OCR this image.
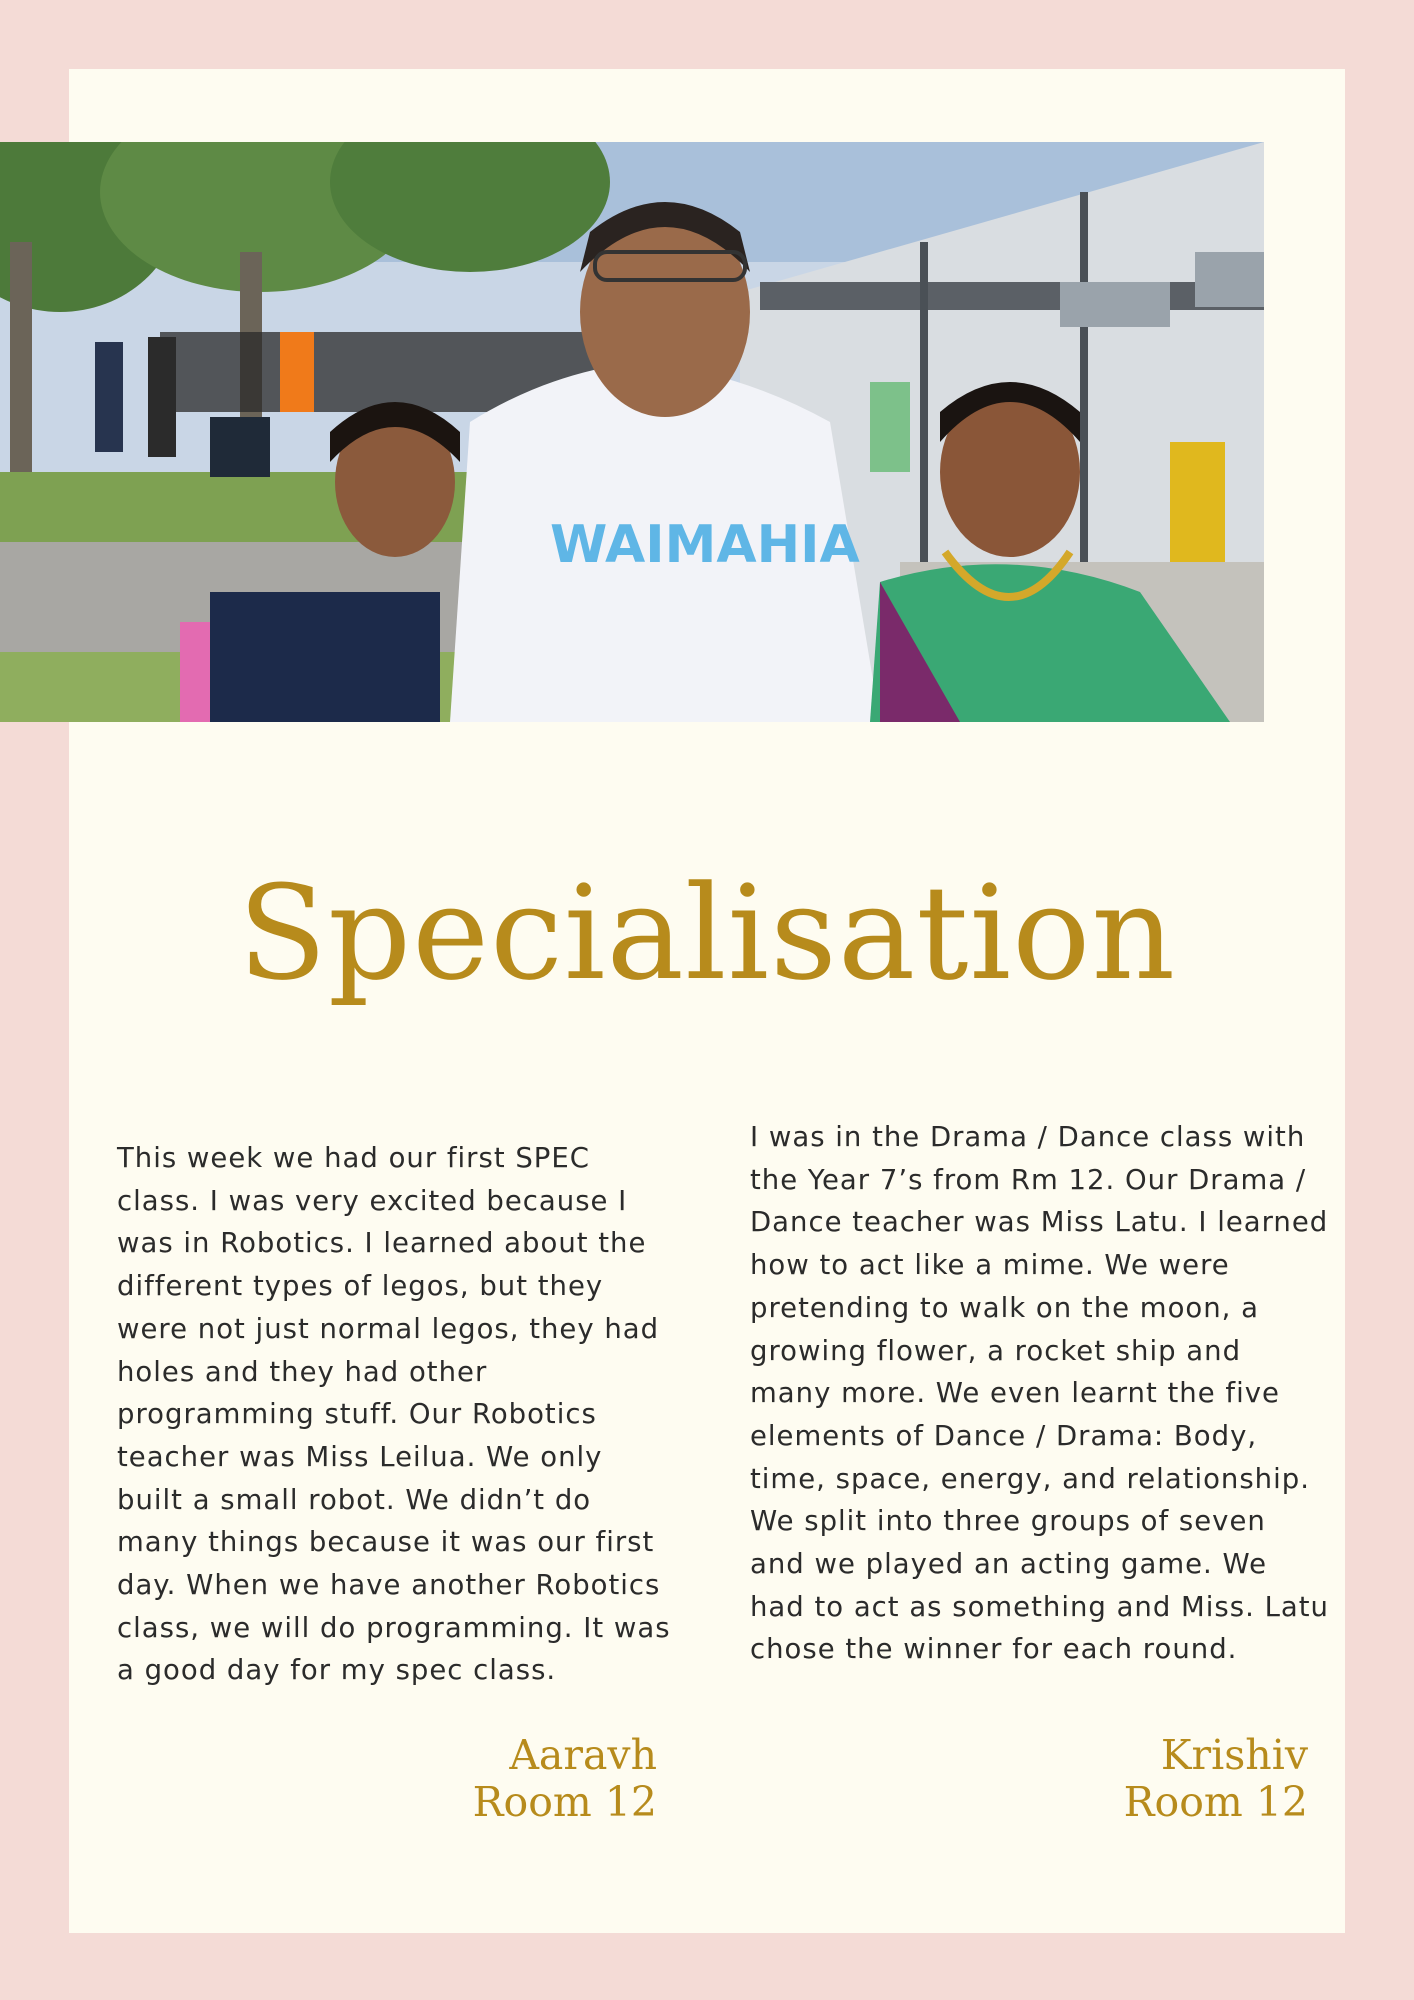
WAIMAHIA
Specialisation

This week we had our first SPEC class. I was very excited because I was in Robotics. I learned about the different types of legos, but they were not just normal legos, they had holes and they had other programming stuff. Our Robotics teacher was Miss Leilua. We only built a small robot. We didn’t do many things because it was our first day. When we have another Robotics class, we will do programming. It was a good day for my spec class.

Aaravh
Room 12

I was in the Drama / Dance class with the Year 7’s from Rm 12. Our Drama / Dance teacher was Miss Latu. I learned how to act like a mime. We were pretending to walk on the moon, a growing flower, a rocket ship and many more. We even learnt the five elements of Dance / Drama: Body, time, space, energy, and relationship. We split into three groups of seven and we played an acting game. We had to act as something and Miss. Latu chose the winner for each round.

Krishiv
Room 12
